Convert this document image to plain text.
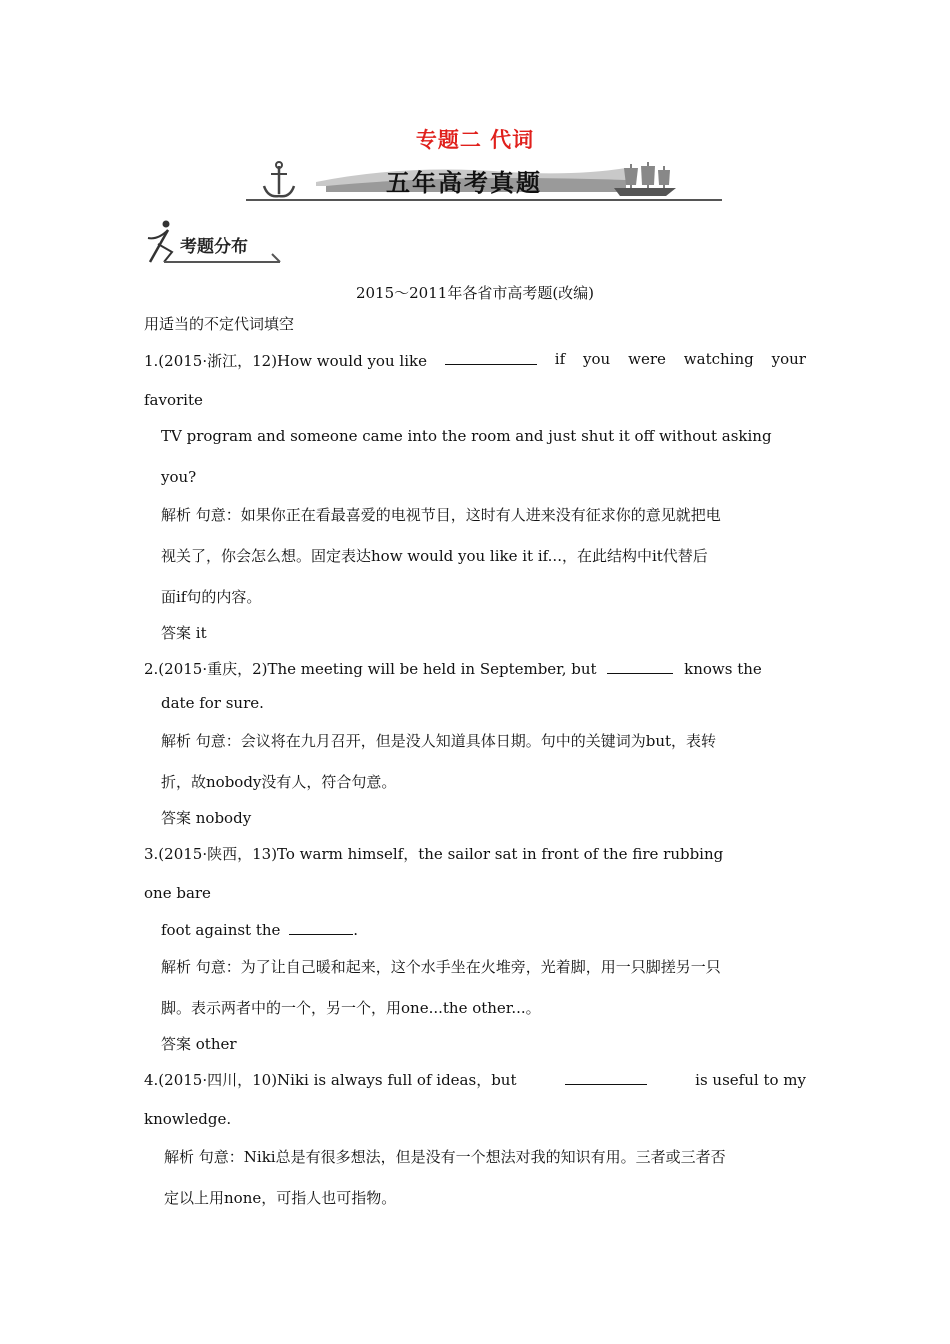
专题二 代词
五年高考真题
考题分布
2015～2011年各省市高考题(改编)
用适当的不定代词填空
1.(2015·浙江，12)How would you like	if you were watching your
favorite
TV program and someone came into the room and just shut it off without asking
you?
解析 句意：如果你正在看最喜爱的电视节目，这时有人进来没有征求你的意见就把电
视关了，你会怎么想。固定表达how would you like it if...，在此结构中it代替后
面if句的内容。
答案 it
2.(2015·重庆，2)The meeting will be held in September, but	knows the
date for sure.
解析 句意：会议将在九月召开，但是没人知道具体日期。句中的关键词为but，表转
折，故nobody没有人，符合句意。
答案 nobody
3.(2015·陕西，13)To warm himself，the sailor sat in front of the fire rubbing
one bare
foot against the	.
解析 句意：为了让自己暖和起来，这个水手坐在火堆旁，光着脚，用一只脚搓另一只
脚。表示两者中的一个，另一个，用one...the other...。
答案 other
4.(2015·四川，10)Niki is always full of ideas，but	is useful to my
knowledge.
解析 句意：Niki总是有很多想法，但是没有一个想法对我的知识有用。三者或三者否
定以上用none，可指人也可指物。
